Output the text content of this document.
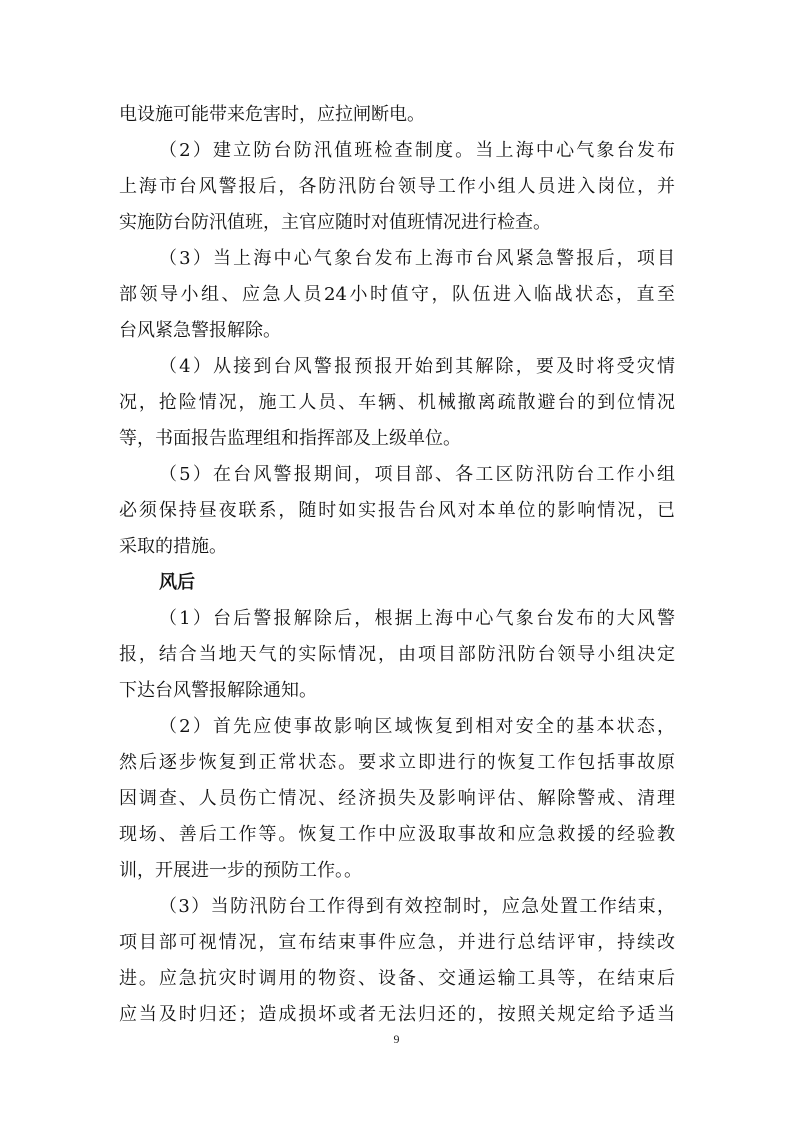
电设施可能带来危害时，应拉闸断电。
（2）建立防台防汛值班检查制度。当上海中心气象台发布
上海市台风警报后，各防汛防台领导工作小组人员进入岗位，并
实施防台防汛值班，主官应随时对值班情况进行检查。
（3）当上海中心气象台发布上海市台风紧急警报后，项目
部领导小组、应急人员24小时值守，队伍进入临战状态，直至
台风紧急警报解除。
（4）从接到台风警报预报开始到其解除，要及时将受灾情
况，抢险情况，施工人员、车辆、机械撤离疏散避台的到位情况
等，书面报告监理组和指挥部及上级单位。
（5）在台风警报期间，项目部、各工区防汛防台工作小组
必须保持昼夜联系，随时如实报告台风对本单位的影响情况，已
采取的措施。
风后
（1）台后警报解除后，根据上海中心气象台发布的大风警
报，结合当地天气的实际情况，由项目部防汛防台领导小组决定
下达台风警报解除通知。
（2）首先应使事故影响区域恢复到相对安全的基本状态，
然后逐步恢复到正常状态。要求立即进行的恢复工作包括事故原
因调查、人员伤亡情况、经济损失及影响评估、解除警戒、清理
现场、善后工作等。恢复工作中应汲取事故和应急救援的经验教
训，开展进一步的预防工作。。
（3）当防汛防台工作得到有效控制时，应急处置工作结束，
项目部可视情况，宣布结束事件应急，并进行总结评审，持续改
进。应急抗灾时调用的物资、设备、交通运输工具等，在结束后
应当及时归还；造成损坏或者无法归还的，按照关规定给予适当
9
